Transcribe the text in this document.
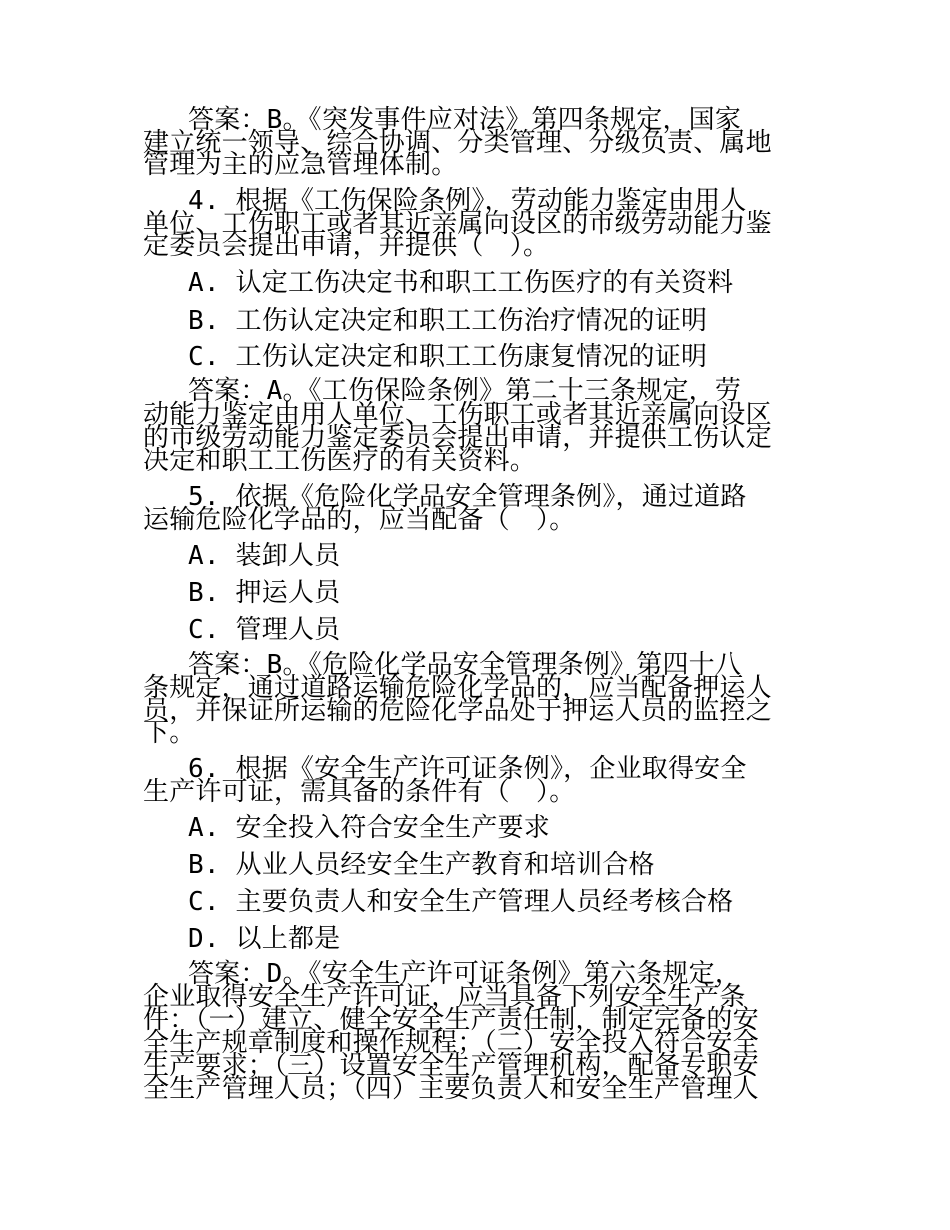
答案：B。《突发事件应对法》第四条规定，国家
建立统一领导、综合协调、分类管理、分级负责、属地
管理为主的应急管理体制。
4. 根据《工伤保险条例》，劳动能力鉴定由用人
单位、工伤职工或者其近亲属向设区的市级劳动能力鉴
定委员会提出申请，并提供（　）。
A. 认定工伤决定书和职工工伤医疗的有关资料
B. 工伤认定决定和职工工伤治疗情况的证明
C. 工伤认定决定和职工工伤康复情况的证明
答案：A。《工伤保险条例》第二十三条规定，劳
动能力鉴定由用人单位、工伤职工或者其近亲属向设区
的市级劳动能力鉴定委员会提出申请，并提供工伤认定
决定和职工工伤医疗的有关资料。
5. 依据《危险化学品安全管理条例》，通过道路
运输危险化学品的，应当配备（　）。
A. 装卸人员
B. 押运人员
C. 管理人员
答案：B。《危险化学品安全管理条例》第四十八
条规定，通过道路运输危险化学品的，应当配备押运人
员，并保证所运输的危险化学品处于押运人员的监控之
下。
6. 根据《安全生产许可证条例》，企业取得安全
生产许可证，需具备的条件有（　）。
A. 安全投入符合安全生产要求
B. 从业人员经安全生产教育和培训合格
C. 主要负责人和安全生产管理人员经考核合格
D. 以上都是
答案：D。《安全生产许可证条例》第六条规定，
企业取得安全生产许可证，应当具备下列安全生产条
件：（一）建立、健全安全生产责任制，制定完备的安
全生产规章制度和操作规程；（二）安全投入符合安全
生产要求；（三）设置安全生产管理机构，配备专职安
全生产管理人员；（四）主要负责人和安全生产管理人
